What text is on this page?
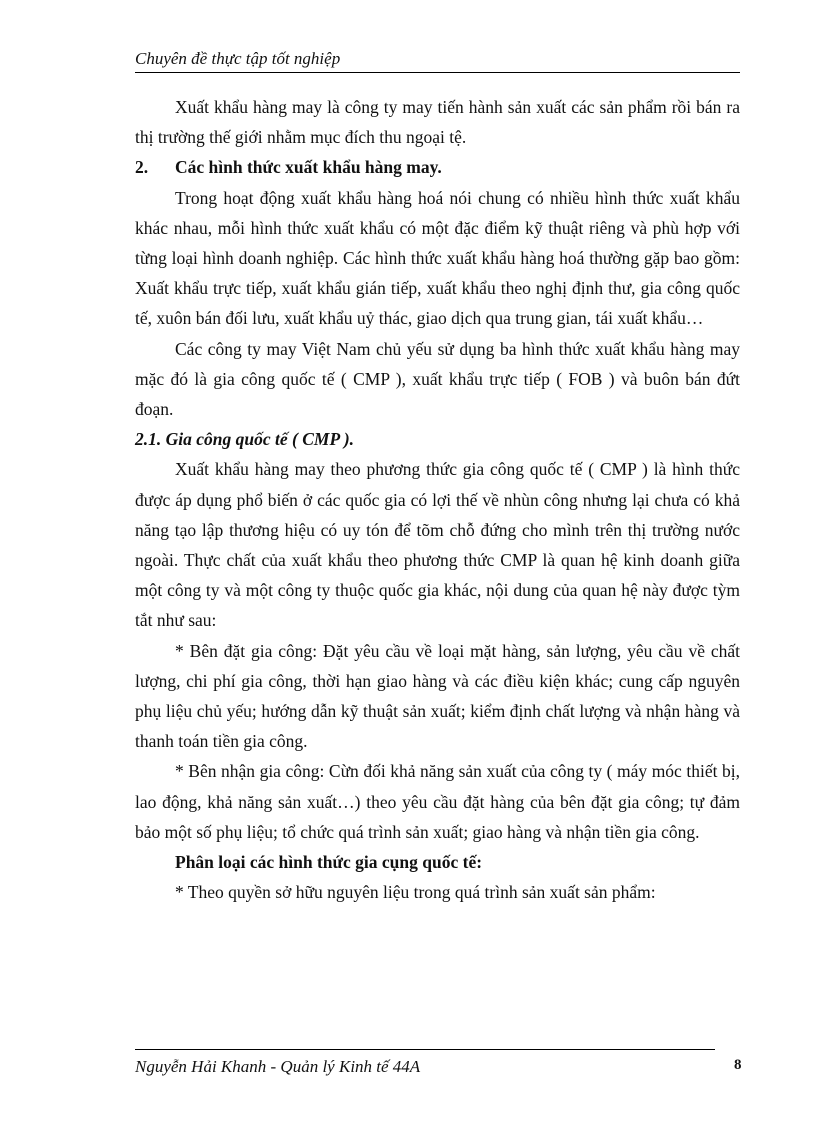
Chuyên đề thực tập tốt nghiệp

Xuất khẩu hàng may là công ty may tiến hành sản xuất các sản phẩm rồi bán ra thị trường thế giới nhằm mục đích thu ngoại tệ.

2. Các hình thức xuất khẩu hàng may.

Trong hoạt động xuất khẩu hàng hoá nói chung có nhiều hình thức xuất khẩu khác nhau, mỗi hình thức xuất khẩu có một đặc điểm kỹ thuật riêng và phù hợp với từng loại hình doanh nghiệp. Các hình thức xuất khẩu hàng hoá thường gặp bao gồm: Xuất khẩu trực tiếp, xuất khẩu gián tiếp, xuất khẩu theo nghị định thư, gia công quốc tế, xuôn bán đối lưu, xuất khẩu uỷ thác, giao dịch qua trung gian, tái xuất khẩu…

Các công ty may Việt Nam chủ yếu sử dụng ba hình thức xuất khẩu hàng may mặc đó là gia công quốc tế ( CMP ), xuất khẩu trực tiếp ( FOB ) và buôn bán đứt đoạn.

2.1. Gia công quốc tế ( CMP ).

Xuất khẩu hàng may theo phương thức gia công quốc tế ( CMP ) là hình thức được áp dụng phổ biến ở các quốc gia có lợi thế về nhùn công nhưng lại chưa có khả năng tạo lập thương hiệu có uy tón để tõm chỗ đứng cho mình trên thị trường nước ngoài. Thực chất của xuất khẩu theo phương thức CMP là quan hệ kinh doanh giữa một công ty và một công ty thuộc quốc gia khác, nội dung của quan hệ này được tỳm tắt như sau:

* Bên đặt gia công: Đặt yêu cầu về loại mặt hàng, sản lượng, yêu cầu về chất lượng, chi phí gia công, thời hạn giao hàng và các điều kiện khác; cung cấp nguyên phụ liệu chủ yếu; hướng dẫn kỹ thuật sản xuất; kiểm định chất lượng và nhận hàng và thanh toán tiền gia công.

* Bên nhận gia công: Cừn đối khả năng sản xuất của công ty ( máy móc thiết bị, lao động, khả năng sản xuất…) theo yêu cầu đặt hàng của bên đặt gia công; tự đảm bảo một số phụ liệu; tổ chức quá trình sản xuất; giao hàng và nhận tiền gia công.

Phân loại các hình thức gia cụng quốc tế:

* Theo quyền sở hữu nguyên liệu trong quá trình sản xuất sản phẩm:

Nguyễn Hải Khanh - Quản lý Kinh tế 44A	8
